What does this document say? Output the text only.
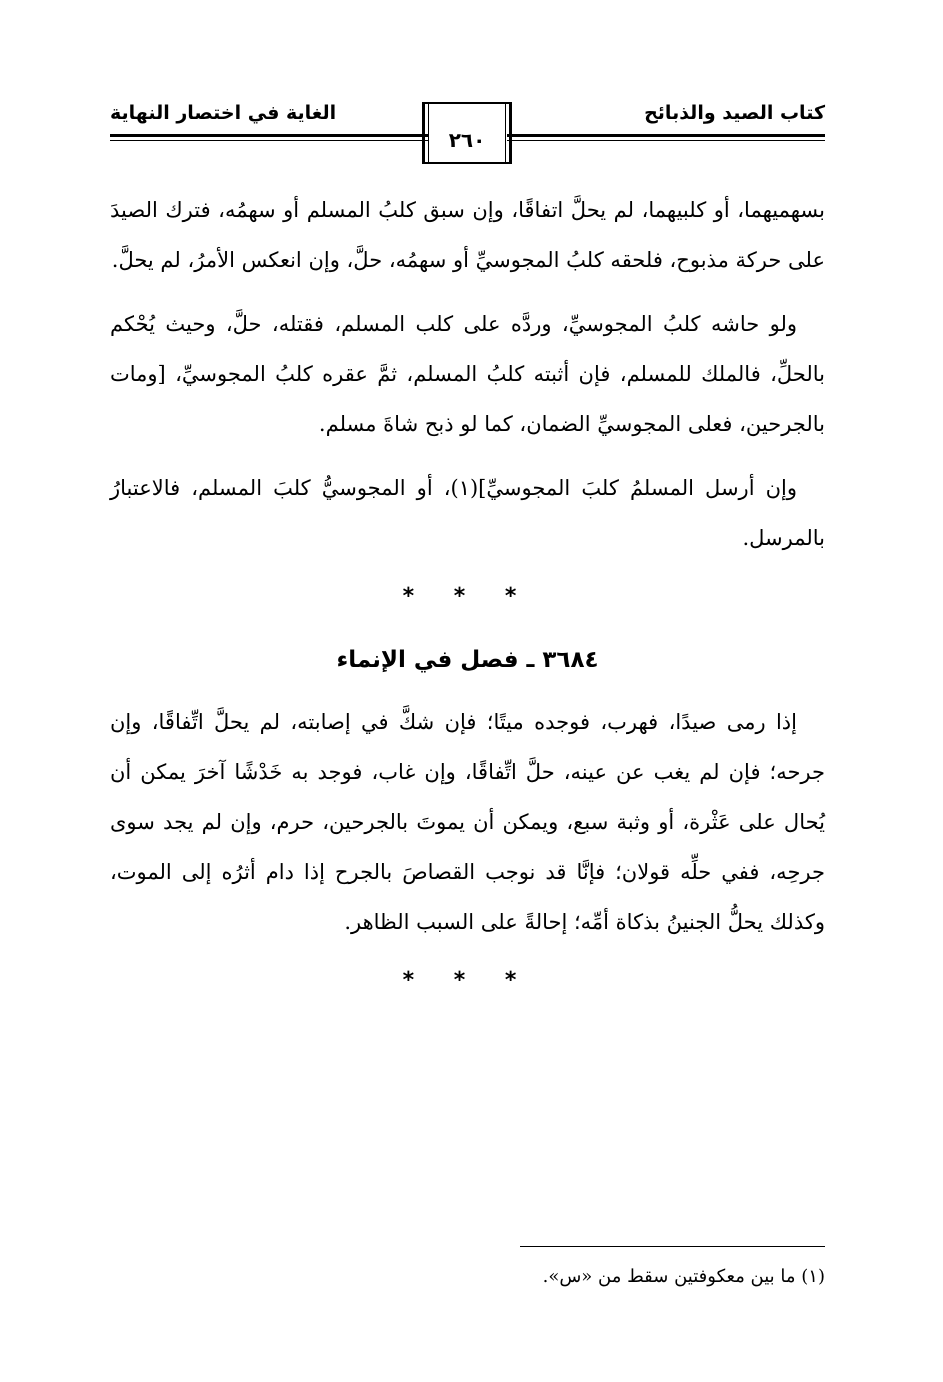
كتاب الصيد والذبائح
الغاية في اختصار النهاية
٢٦٠

بسهميهما، أو كلبيهما، لم يحلَّ اتفاقًا، وإن سبق كلبُ المسلم أو سهمُه، فترك الصيدَ على حركة مذبوح، فلحقه كلبُ المجوسيِّ أو سهمُه، حلَّ، وإن انعكس الأمرُ، لم يحلَّ.

ولو حاشه كلبُ المجوسيِّ، وردَّه على كلب المسلم، فقتله، حلَّ، وحيث يُحْكم بالحلِّ، فالملك للمسلم، فإن أثبته كلبُ المسلم، ثمَّ عقره كلبُ المجوسيِّ، [ومات بالجرحين، فعلى المجوسيِّ الضمان، كما لو ذبح شاةَ مسلم.

وإن أرسل المسلمُ كلبَ المجوسيِّ](١)، أو المجوسيُّ كلبَ المسلم، فالاعتبارُ بالمرسل.

* * *
٣٦٨٤ ـ فصل في الإنماء

إذا رمى صيدًا، فهرب، فوجده ميتًا؛ فإن شكَّ في إصابته، لم يحلَّ اتِّفاقًا، وإن جرحه؛ فإن لم يغب عن عينه، حلَّ اتِّفاقًا، وإن غاب، فوجد به خَدْشًا آخرَ يمكن أن يُحال على عَثْرة، أو وثبة سبع، ويمكن أن يموتَ بالجرحين، حرم، وإن لم يجد سوى جرحِه، ففي حلِّه قولان؛ فإنَّا قد نوجب القصاصَ بالجرح إذا دام أثرُه إلى الموت، وكذلك يحلُّ الجنينُ بذكاة أمِّه؛ إحالةً على السبب الظاهر.

* * *
(١) ما بين معكوفتين سقط من «س».
